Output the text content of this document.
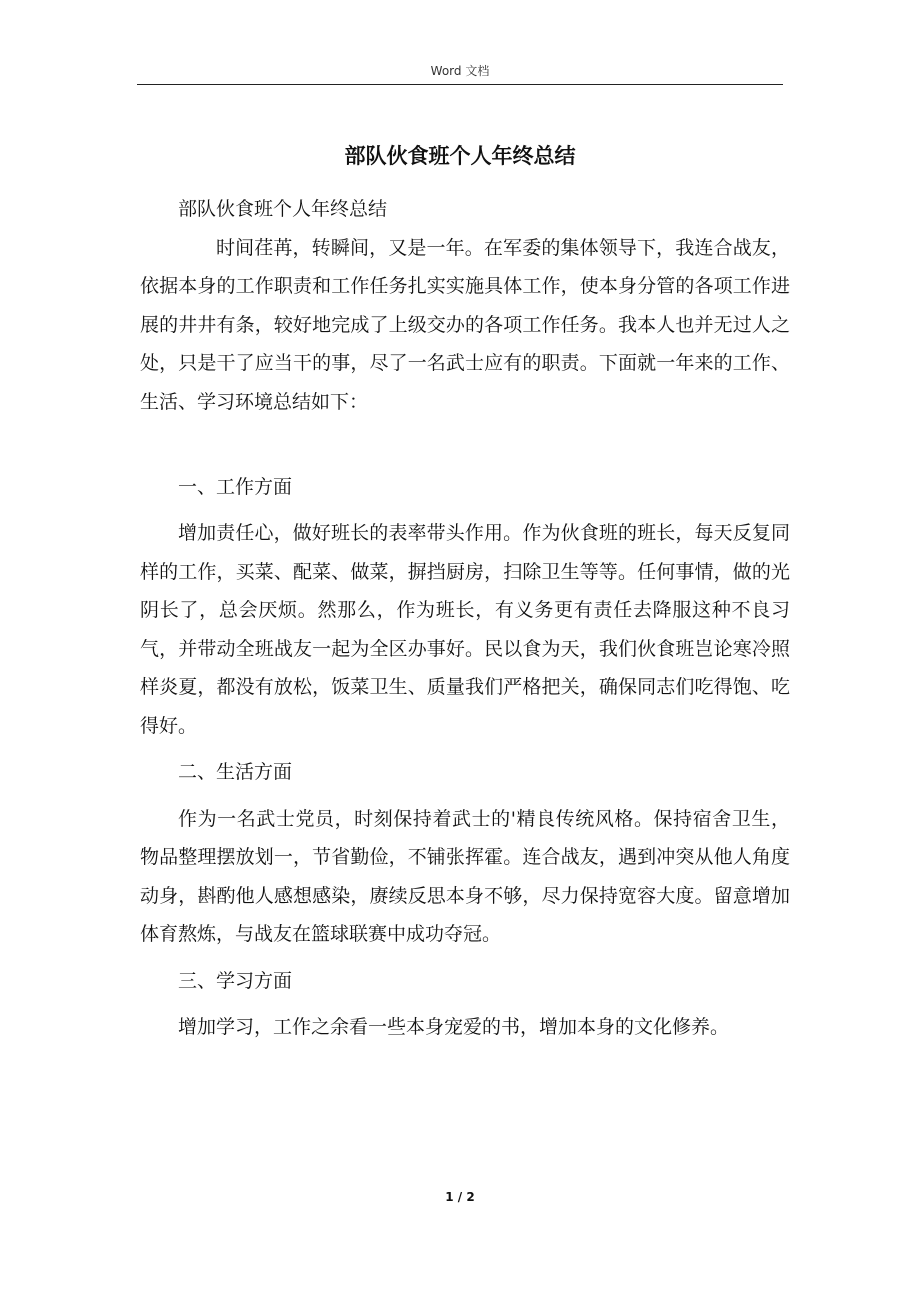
Word 文档
部队伙食班个人年终总结

部队伙食班个人年终总结

时间荏苒，转瞬间，又是一年。在军委的集体领导下，我连合战友，依据本身的工作职责和工作任务扎实实施具体工作，使本身分管的各项工作进展的井井有条，较好地完成了上级交办的各项工作任务。我本人也并无过人之处，只是干了应当干的事，尽了一名武士应有的职责。下面就一年来的工作、生活、学习环境总结如下：

一、工作方面

增加责任心，做好班长的表率带头作用。作为伙食班的班长，每天反复同样的工作，买菜、配菜、做菜，摒挡厨房，扫除卫生等等。任何事情，做的光阴长了，总会厌烦。然那么，作为班长，有义务更有责任去降服这种不良习气，并带动全班战友一起为全区办事好。民以食为天，我们伙食班岂论寒冷照样炎夏，都没有放松，饭菜卫生、质量我们严格把关，确保同志们吃得饱、吃得好。

二、生活方面

作为一名武士党员，时刻保持着武士的'精良传统风格。保持宿舍卫生，物品整理摆放划一，节省勤俭，不铺张挥霍。连合战友，遇到冲突从他人角度动身，斟酌他人感想感染，赓续反思本身不够，尽力保持宽容大度。留意增加体育熬炼，与战友在篮球联赛中成功夺冠。

三、学习方面

增加学习，工作之余看一些本身宠爱的书，增加本身的文化修养。

1 / 2
